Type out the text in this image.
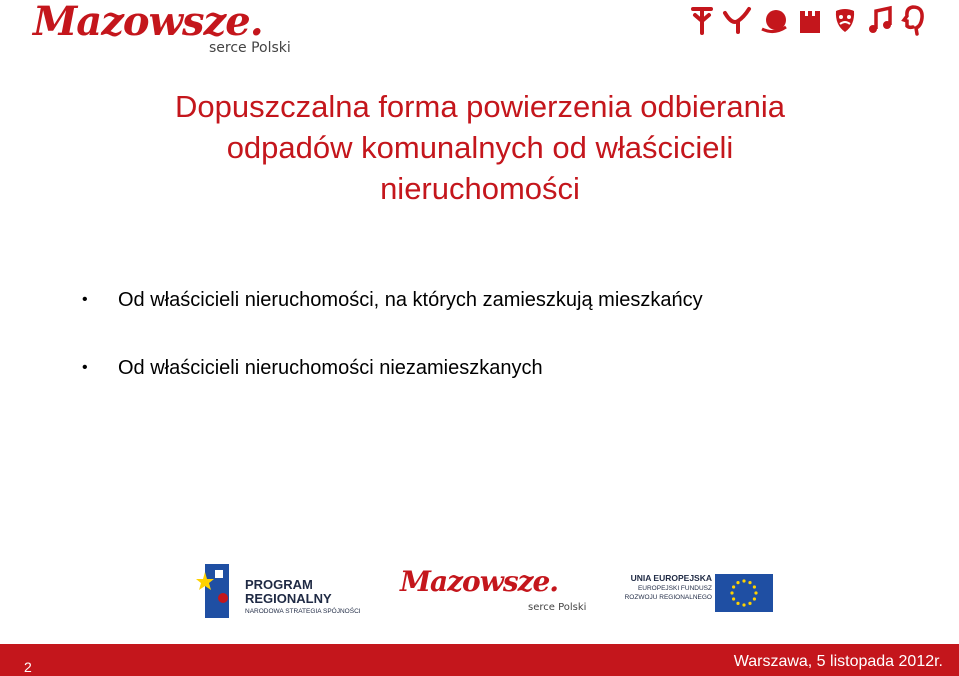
Mazowsze.
serce Polski
Dopuszczalna forma powierzenia odbierania
odpadów komunalnych od właścicieli
nieruchomości
• Od właścicieli nieruchomości, na których zamieszkują mieszkańcy
• Od właścicieli nieruchomości niezamieszkanych
PROGRAM
REGIONALNY
NARODOWA STRATEGIA SPÓJNOŚCI
Mazowsze.
serce Polski
UNIA EUROPEJSKA
EUROPEJSKI FUNDUSZ
ROZWOJU REGIONALNEGO
2	Warszawa, 5 listopada 2012r.
